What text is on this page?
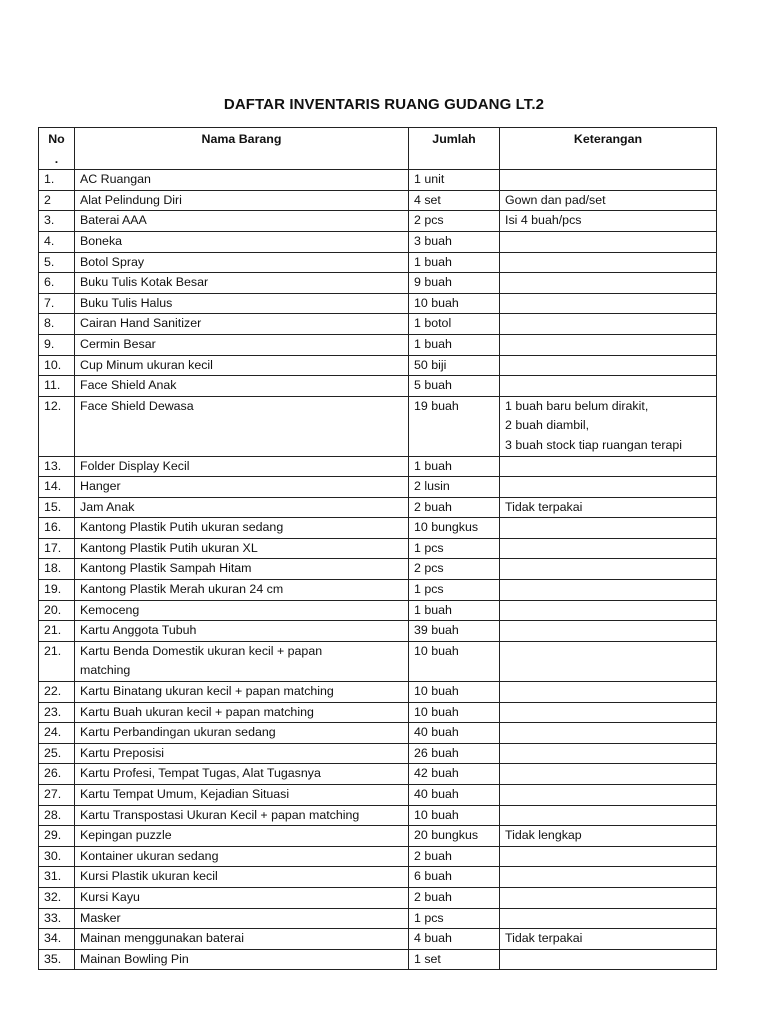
DAFTAR INVENTARIS RUANG GUDANG LT.2
No
.	Nama Barang	Jumlah	Keterangan
1.	AC Ruangan	1 unit	
2	Alat Pelindung Diri	4 set	Gown dan pad/set
3.	Baterai AAA	2 pcs	Isi 4 buah/pcs
4.	Boneka	3 buah	
5.	Botol Spray	1 buah	
6.	Buku Tulis Kotak Besar	9 buah	
7.	Buku Tulis Halus	10 buah	
8.	Cairan Hand Sanitizer	1 botol	
9.	Cermin Besar	1 buah	
10.	Cup Minum ukuran kecil	50 biji	
11.	Face Shield Anak	5 buah	
12.	Face Shield Dewasa	19 buah	1 buah baru belum dirakit,
2 buah diambil,
3 buah stock tiap ruangan terapi
13.	Folder Display Kecil	1 buah	
14.	Hanger	2 lusin	
15.	Jam Anak	2 buah	Tidak terpakai
16.	Kantong Plastik Putih ukuran sedang	10 bungkus	
17.	Kantong Plastik Putih ukuran XL	1 pcs	
18.	Kantong Plastik Sampah Hitam	2 pcs	
19.	Kantong Plastik Merah ukuran 24 cm	1 pcs	
20.	Kemoceng	1 buah	
21.	Kartu Anggota Tubuh	39 buah	
21.	Kartu Benda Domestik ukuran kecil + papan
matching	10 buah	
22.	Kartu Binatang ukuran kecil + papan matching	10 buah	
23.	Kartu Buah ukuran kecil + papan matching	10 buah	
24.	Kartu Perbandingan ukuran sedang	40 buah	
25.	Kartu Preposisi	26 buah	
26.	Kartu Profesi, Tempat Tugas, Alat Tugasnya	42 buah	
27.	Kartu Tempat Umum, Kejadian Situasi	40 buah	
28.	Kartu Transpostasi Ukuran Kecil + papan matching	10 buah	
29.	Kepingan puzzle	20 bungkus	Tidak lengkap
30.	Kontainer ukuran sedang	2 buah	
31.	Kursi Plastik ukuran kecil	6 buah	
32.	Kursi Kayu	2 buah	
33.	Masker	1 pcs	
34.	Mainan menggunakan baterai	4 buah	Tidak terpakai
35.	Mainan Bowling Pin	1 set	
